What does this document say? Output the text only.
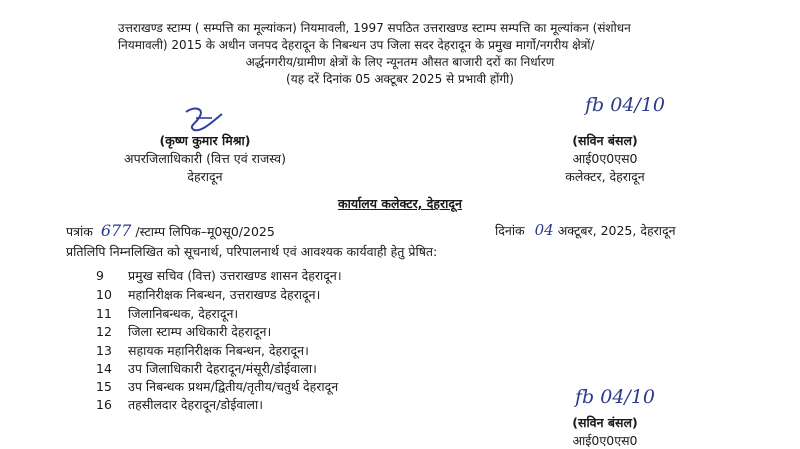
उत्तराखण्ड स्टाम्प ( सम्पत्ति का मूल्यांकन) नियमावली, 1997 सपठित उत्तराखण्ड स्टाम्प सम्पत्ति का मूल्यांकन (संशोधन
नियमावली) 2015 के अधीन जनपद देहरादून के निबन्धन उप जिला सदर देहरादून के प्रमुख मार्गो/नगरीय क्षेत्रों/
अर्द्धनगरीय/ग्रामीण क्षेत्रों के लिए न्यूनतम औसत बाजारी दरों का निर्धारण
(यह दरें दिनांक 05 अक्टूबर 2025 से प्रभावी होंगी)
(कृष्ण कुमार मिश्रा)
अपरजिलाधिकारी (वित्त एवं राजस्व)
देहरादून
fb 04/10
(सविन बंसल)
आई0ए0एस0
कलेक्टर, देहरादून
कार्यालय कलेक्टर, देहरादून
पत्रांक 677 /स्टाम्प लिपिक–मू0सू0/2025	दिनांक 04 अक्टूबर, 2025, देहरादून
प्रतिलिपि निम्नलिखित को सूचनार्थ, परिपालनार्थ एवं आवश्यक कार्यवाही हेतु प्रेषित:
9 प्रमुख सचिव (वित्त) उत्तराखण्ड शासन देहरादून।
10 महानिरीक्षक निबन्धन, उत्तराखण्ड देहरादून।
11 जिलानिबन्धक, देहरादून।
12 जिला स्टाम्प अधिकारी देहरादून।
13 सहायक महानिरीक्षक निबन्धन, देहरादून।
14 उप जिलाधिकारी देहरादून/मंसूरी/डोईवाला।
15 उप निबन्धक प्रथम/द्वितीय/तृतीय/चतुर्थ देहरादून
16 तहसीलदार देहरादून/डोईवाला।	fb 04/10
(सविन बंसल)
आई0ए0एस0
